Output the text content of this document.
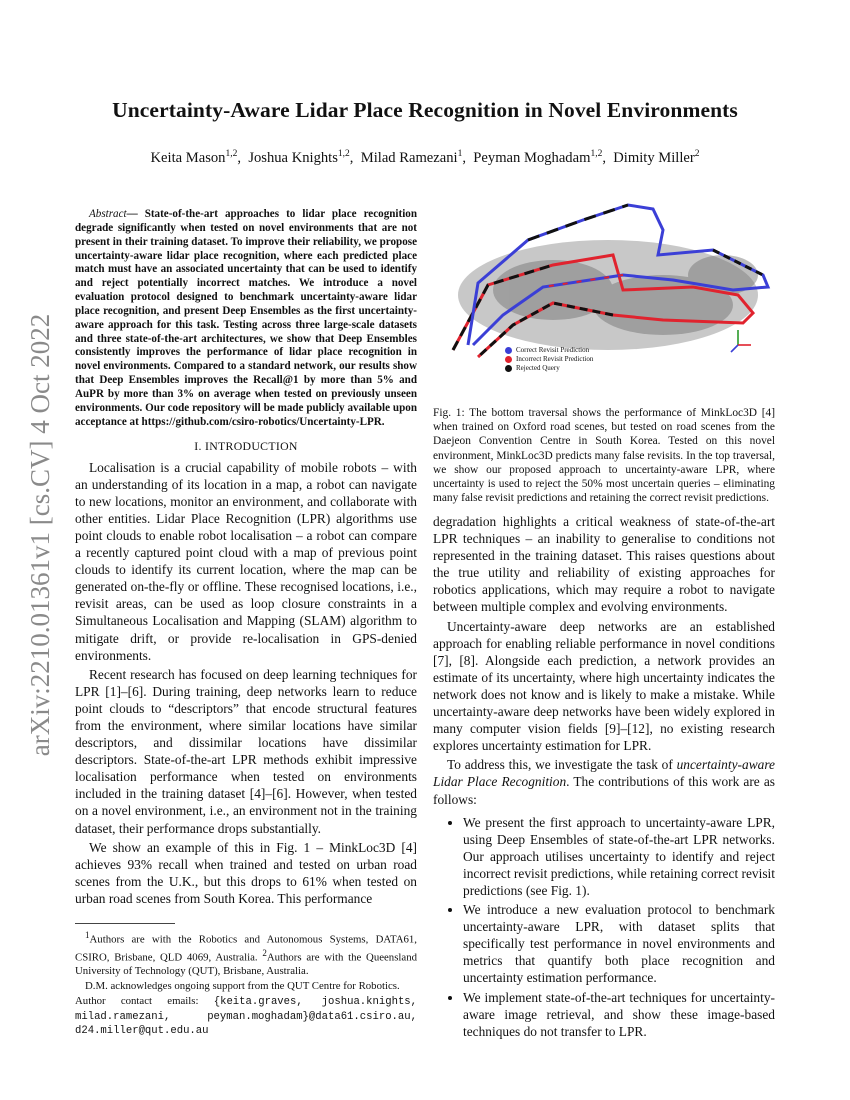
Uncertainty-Aware Lidar Place Recognition in Novel Environments
Keita Mason$^{1,2}$,  Joshua Knights$^{1,2}$,  Milad Ramezani$^1$,  Peyman Moghadam$^{1,2}$,  Dimity Miller$^2$
arXiv:2210.01361v1 [cs.CV] 4 Oct 2022

Abstract— State-of-the-art approaches to lidar place recognition degrade significantly when tested on novel environments that are not present in their training dataset. To improve their reliability, we propose uncertainty-aware lidar place recognition, where each predicted place match must have an associated uncertainty that can be used to identify and reject potentially incorrect matches. We introduce a novel evaluation protocol designed to benchmark uncertainty-aware lidar place recognition, and present Deep Ensembles as the first uncertainty-aware approach for this task. Testing across three large-scale datasets and three state-of-the-art architectures, we show that Deep Ensembles consistently improves the performance of lidar place recognition in novel environments. Compared to a standard network, our results show that Deep Ensembles improves the Recall@1 by more than 5% and AuPR by more than 3% on average when tested on previously unseen environments. Our code repository will be made publicly available upon acceptance at https://github.com/csiro-robotics/Uncertainty-LPR.

I. INTRODUCTION

Localisation is a crucial capability of mobile robots – with an understanding of its location in a map, a robot can navigate to new locations, monitor an environment, and collaborate with other entities. Lidar Place Recognition (LPR) algorithms use point clouds to enable robot localisation – a robot can compare a recently captured point cloud with a map of previous point clouds to identify its current location, where the map can be generated on-the-fly or offline. These recognised locations, i.e., revisit areas, can be used as loop closure constraints in a Simultaneous Localisation and Mapping (SLAM) algorithm to mitigate drift, or provide re-localisation in GPS-denied environments.

Recent research has focused on deep learning techniques for LPR [1]–[6]. During training, deep networks learn to reduce point clouds to “descriptors” that encode structural features from the environment, where similar locations have similar descriptors, and dissimilar locations have dissimilar descriptors. State-of-the-art LPR methods exhibit impressive localisation performance when tested on environments included in the training dataset [4]–[6]. However, when tested on a novel environment, i.e., an environment not in the training dataset, their performance drops substantially.

We show an example of this in Fig. 1 – MinkLoc3D [4] achieves 93% recall when trained and tested on urban road scenes from the U.K., but this drops to 61% when tested on urban road scenes from South Korea. This performance

$^1$Authors are with the Robotics and Autonomous Systems, DATA61, CSIRO, Brisbane, QLD 4069, Australia. $^2$Authors are with the Queensland University of Technology (QUT), Brisbane, Australia.

D.M. acknowledges ongoing support from the QUT Centre for Robotics.

Author contact emails: {keita.graves, joshua.knights, milad.ramezani, peyman.moghadam}@data61.csiro.au, d24.miller@qut.edu.au

Correct Revisit Prediction
Incorrect Revisit Prediction
Rejected Query
Fig. 1: The bottom traversal shows the performance of MinkLoc3D [4] when trained on Oxford road scenes, but tested on road scenes from the Daejeon Convention Centre in South Korea. Tested on this novel environment, MinkLoc3D predicts many false revisits. In the top traversal, we show our proposed approach to uncertainty-aware LPR, where uncertainty is used to reject the 50% most uncertain queries – eliminating many false revisit predictions and retaining the correct revisit predictions.

degradation highlights a critical weakness of state-of-the-art LPR techniques – an inability to generalise to conditions not represented in the training dataset. This raises questions about the true utility and reliability of existing approaches for robotics applications, which may require a robot to navigate between multiple complex and evolving environments.

Uncertainty-aware deep networks are an established approach for enabling reliable performance in novel conditions [7], [8]. Alongside each prediction, a network provides an estimate of its uncertainty, where high uncertainty indicates the network does not know and is likely to make a mistake. While uncertainty-aware deep networks have been widely explored in many computer vision fields [9]–[12], no existing research explores uncertainty estimation for LPR.

To address this, we investigate the task of uncertainty-aware Lidar Place Recognition. The contributions of this work are as follows:

• We present the first approach to uncertainty-aware LPR, using Deep Ensembles of state-of-the-art LPR networks. Our approach utilises uncertainty to identify and reject incorrect revisit predictions, while retaining correct revisit predictions (see Fig. 1).
• We introduce a new evaluation protocol to benchmark uncertainty-aware LPR, with dataset splits that specifically test performance in novel environments and metrics that quantify both place recognition and uncertainty estimation performance.
• We implement state-of-the-art techniques for uncertainty-aware image retrieval, and show these image-based techniques do not transfer to LPR.
